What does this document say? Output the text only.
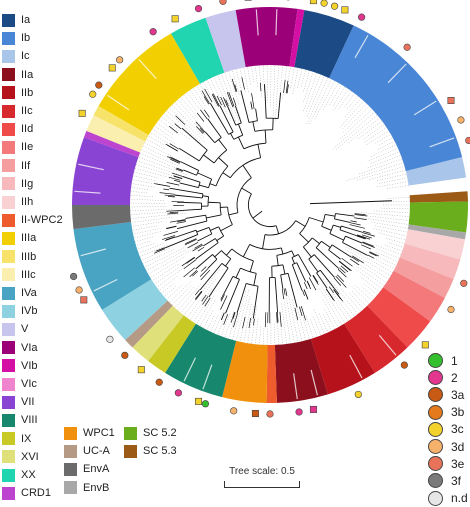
Ia
Ib
Ic
IIa
IIb
IIc
IId
IIe
IIf
IIg
IIh
II-WPC2
IIIa
IIIb
IIIc
IVa
IVb
V
VIa
VIb
VIc
VII
VIII
IX
XVI
XX
CRD1
WPC1
UC-A
EnvA
EnvB
SC 5.2
SC 5.3
1
2
3a
3b
3c
3d
3e
3f
n.d
Tree scale: 0.5
